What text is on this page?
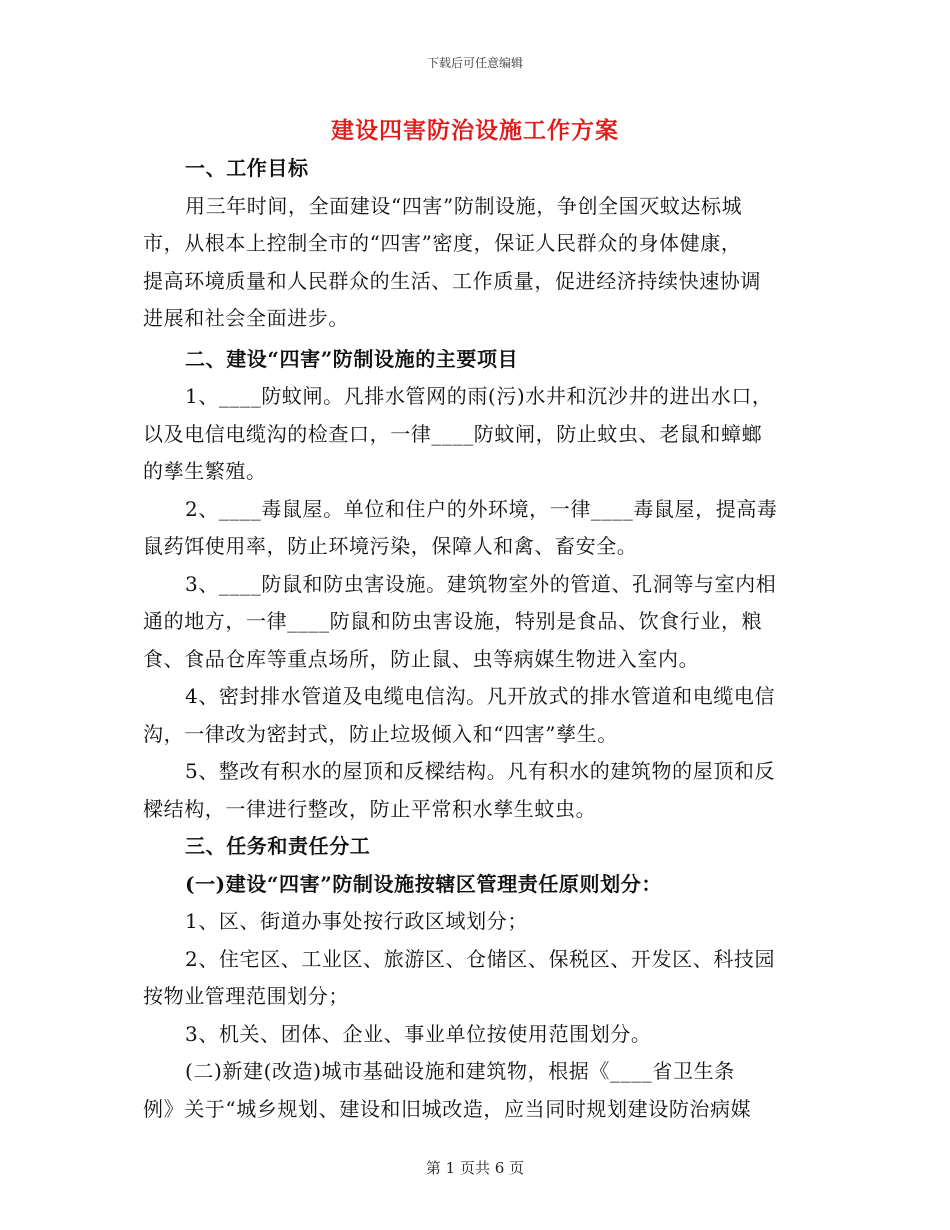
下载后可任意编辑
建设四害防治设施工作方案
一、工作目标
用三年时间，全面建设“四害”防制设施，争创全国灭蚊达标城
市，从根本上控制全市的“四害”密度，保证人民群众的身体健康，
提高环境质量和人民群众的生活、工作质量，促进经济持续快速协调
进展和社会全面进步。
二、建设“四害”防制设施的主要项目
1、____防蚊闸。凡排水管网的雨(污)水井和沉沙井的进出水口，
以及电信电缆沟的检查口，一律____防蚊闸，防止蚊虫、老鼠和蟑螂
的孳生繁殖。
2、____毒鼠屋。单位和住户的外环境，一律____毒鼠屋，提高毒
鼠药饵使用率，防止环境污染，保障人和禽、畜安全。
3、____防鼠和防虫害设施。建筑物室外的管道、孔洞等与室内相
通的地方，一律____防鼠和防虫害设施，特别是食品、饮食行业，粮
食、食品仓库等重点场所，防止鼠、虫等病媒生物进入室内。
4、密封排水管道及电缆电信沟。凡开放式的排水管道和电缆电信
沟，一律改为密封式，防止垃圾倾入和“四害”孳生。
5、整改有积水的屋顶和反樑结构。凡有积水的建筑物的屋顶和反
樑结构，一律进行整改，防止平常积水孳生蚊虫。
三、任务和责任分工
(一)建设“四害”防制设施按辖区管理责任原则划分：
1、区、街道办事处按行政区域划分；
2、住宅区、工业区、旅游区、仓储区、保税区、开发区、科技园
按物业管理范围划分；
3、机关、团体、企业、事业单位按使用范围划分。
(二)新建(改造)城市基础设施和建筑物，根据《____省卫生条
例》关于“城乡规划、建设和旧城改造，应当同时规划建设防治病媒
第 1 页共 6 页
